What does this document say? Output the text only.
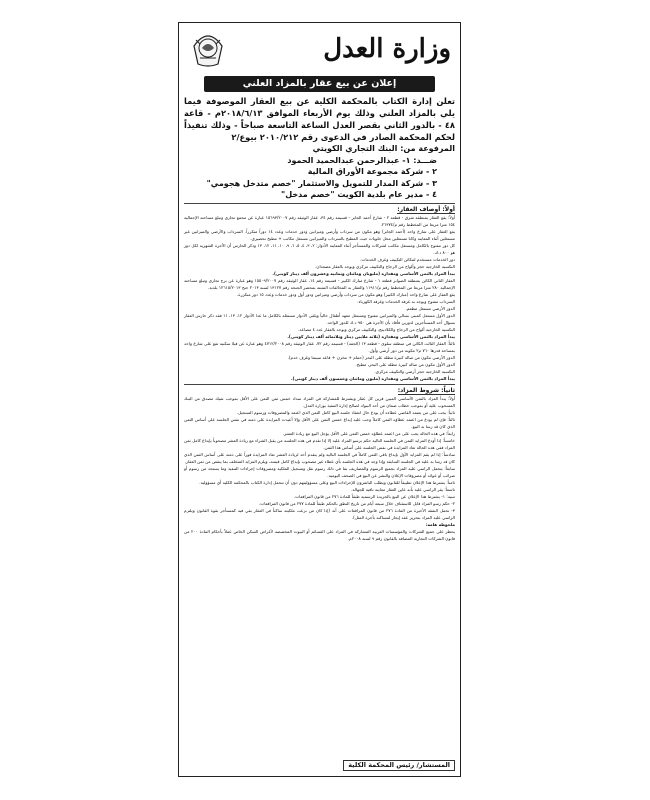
وزارة العدل
إعلان عن بيع عقار بالمزاد العلني
تعلن إدارة الكتاب بالمحكمة الكلية عن بيع العقار الموصوفة فيما يلي بالمزاد العلني وذلك يوم الأربعاء الموافق ٢٠١٨/٦/١٣م - قاعة ٤٨ - بالدور الثاني بقصر العدل الساعة التاسعة صباحاً - وذلك تنفيذاً لحكم المحكمة الصادر في الدعوى رقم ٢٠١٠/٢١٢ بيوع/٢
المرفوعة من: البنك التجاري الكويتي
ضـــد: ١- عبدالرحمن عبدالحميد الحمود
٢ - شركة مجموعة الأوراق المالية
٣ - شركة المدار للتمويل والاستثمار "خصم متدخل هجومي"
٤ - مدير عام بلدية الكويت "خصم مدخل"
أولاً: أوصاف العقار:
أولاً: يقع العقار بمنطقة شرق - قطعة ٢ - شارع أحمد الجابر - قسيمة رقم ٣٤، عقار الوثيقة رقم ١٥٦٩٣/٢٠٠٧ عبارة عن مجمع تجاري وتبلغ مساحته الإجمالية ١٥٤ مترا مربعا من المخطط رقم م/٢٦٣٧٤.
يقع العقار على شارع واحد (أحمد الجابر) وهو مكون من سرداب وأرضي وميزانين ودور خدمات وعدد ١٤ دوراً متكرراً. السرداب والأرضي والميزانين غير مستغلين أثناء المعاينة وكانا مستغلين محل حلويات حيث المطبخ بالسرداب والميزانين مستغل مكاتب + مطبخ تحضيري.
كل دور مفتوح بالكامل ومستغل مكاتب لشركات والمستأجر أثناء المعاينة الأدوار: ٢، ٣، ٤، ٥، ٦، ٩، ١٠، ١١، ١٢، ١٣ وذكر الحارس أن الأجرة الشهرية لكل دور هو ٨٠٠ د.ك.
دور الخدمات مستخدم لمكائن التكييف وغرف الخدمات.
التكسية الخارجية حجر وألواح من الزجاج والتكييف مركزي ويوجد بالعقار مصعدان.
يبدأ المزاد بالثمن الأساسي ومقداره (مليونان ومائتان وثمانية وعشرون ألف دينار كويتي).
العقار الثاني الكائن بمنطقة الصوابر قطعة ١ - شارع مبارك الكبير - قسيمة رقم ١٤، عقار الوثيقة رقم ١٥٥٠٩/٢٠٠٧ وهو عبارة عن برج تجاري وتبلغ مساحته الإجمالية ٢٨٠ مترا مربعا من المخطط رقم م/١١٩١١ والعقار به المخالفات المثبتة بمحضر الجنحة رقم ١٣١٢٧ لسنة ٢٠١٣ جنح ١٢٦١٥/٢٠١٣ بلدية.
يقع العقار على شارع واحد (مبارك الكبير) وهو مكون من سرداب وأرضي وميزانين ودور أول ودور خدمات وعدد ١٥ دور متكررة.
السرداب مفتوح ويوجد به غرفة الخدمات وغرفة الكهرباء.
الدور الأرضي مستغل مطعم.
الدور الأول مستغل كمبنى بسالي والميزانين مفتوح ومستغل معهد أطفال حالياً ويلقى الأدوار مستغلة بالكامل ما عدا الأدوار ١٢، ١٣، ١١ فقد ذكر حارس العقار بسؤال أحد المستأجرين لدورين فأفاد بأن الأجرة هي ٩٥٠ د.ك للدور الواحد.
التكسية الخارجية ألواح من الزجاج والكلادينج، والتكييف مركزي ويوجد بالعقار عدد ٤ مصاعد.
يبدأ المزاد بالثمن الأساسي ومقداره (ثلاثة ملايين دينار وثلاثمائة ألف دينار كويتي).
ثالثاً: العقار الثالث الكائن في منطقة سلوى - قطعة ١٣ (الجفة) - قسيمة رقم ٧٢، عقار الوثيقة رقم ٤٧١٢/٢٠٠٨ وهو عبارة عن فيلا سكنية تقع على شارع واحد بمساحة قدرها ٧٦٠ م٢ مكونة من دور أرضي وأول.
الدور الأرضي مكون من صالة كبيرة مطلة على البحر (حمام + مخزن + قاعة سينما وغرف خدم).
الدور الأول مكون من صالة كبيرة مطلة على البحر، مطبخ.
التكسية الخارجية حجر أرضي والتكييف مركزي.
يبدأ المزاد بالثمن الأساسي ومقداره (مليون ومائتان وخمسون ألف دينار كويتي).
ثانياً: شروط المزاد:
أولاً: يبدأ المزاد بالثمن الأساسي المبين قرين كل عقار ويشترط للمشاركة في المزاد سداد خمس ثمن الثمن على الأقل بموجب شيك مصدق من البنك المسحوب عليه أو بموجب خطاب ضمان من أحد البنوك لصالح إدارة التنفيذ بوزارة العدل.
ثانياً: يجب على من يعتمد القاضي عطاءه أن يودع حال انعقاد جلسة البيع كامل الثمن الذي اعتمد والمصروفات ورسوم التسجيل.
ثالثاً: فإن لم يودع من اعتمد عطاؤه الثمن كاملاً وجب عليه إيداع خمس الثمن على الأقل وإلا أعيدت المزايدة على ذمته في نفس الجلسة على أساس الثمن الذي كان قد رسا به البيع.
رابعاً: في هذه الحالة يجب على من اعتمد عطاؤه خمس الثمن على الأقل يؤجل البيع مع زيادة العشر.
خامساً: إذا أودع المزايد الثمن في الجلسة التالية حكم برسو المزاد عليه إلا إذا تقدم في هذه الجلسة من يقبل الشراء مع زيادة العشر مصحوباً بإيداع كامل ثمن المزاد ففي هذه الحالة تعاد المزايدة في نفس الجلسة على أساس هذا الثمن.
سادساً: إذا لم يقم المزايد الأول بإيداع باقي الثمن كاملاً في الجلسة التالية ولم يتقدم أحد لزيادة العشر تعاد المزايدة فوراً على ذمته على أساس الثمن الذي كان قد رسا به عليه في الجلسة السابقة وإذا وجد في هذه الجلسة بأي عطاء غير مصحوب بإيداع كامل قيمته، ويلزم المزايد المتخلف بما ينقص من ثمن العقار.
سابعاً: يتحمل الراسي عليه المزاد بجميع الرسوم والمصاريف بما في ذلك رسوم نقل وتسجيل الملكية ومصروفات إجراءات التنفيذ وما يستجد من رسوم أو ضرائب أو عوائد أو مصروفات الإعلان والنشر عن البيع في الصحف اليومية.
ثامناً: يشترط هذا الإعلان تطبيقاً للقانون ويطلب الباشرون للإجراءات البيع وعلى مسؤوليتهم دون أن تتحمل إدارة الكتاب بالمحكمة الكلية أي مسؤولية.
تاسعاً: يقر الراسي عليه بأنه عاين العقار معاينة نافية للجهالة.
تنبيه: ١- يشترط هذا الإعلان عن البيع بالجريدة الرسمية طبقاً للمادة ٢٧٦ من قانون المرافعات.
٢- حكم رسو المزاد قابل للاستئناف خلال سبعة أيام من تاريخ النطق بالحكم طبقاً للمادة ٢٧٧ من قانون المرافعات.
٣- تحمل النفقة الأخيرة من المادة ٢٧٦ من قانون المرافعات على أنه (إذا كان من نزعت ملكيته ساكناً في العقار بقي فيه كمستأجر بقوة القانون ويلتزم الراسي عليه المزاد بتحرير عقد إيجار لمساكنه بأجرة المثل).
ملحوظة هامة:
يحظر على جميع الشركات والمؤسسات العربية المشاركة في المزاد على القسائم أو البيوت المخصصة لأغراض السكن الخاص عملاً بأحكام المادة ٢٠٠ من قانون الشركات التجارية المضافة بالقانون رقم ٩ لسنة ٢٠٠٨م.
المستشار/ رئيس المحكمة الكلية
